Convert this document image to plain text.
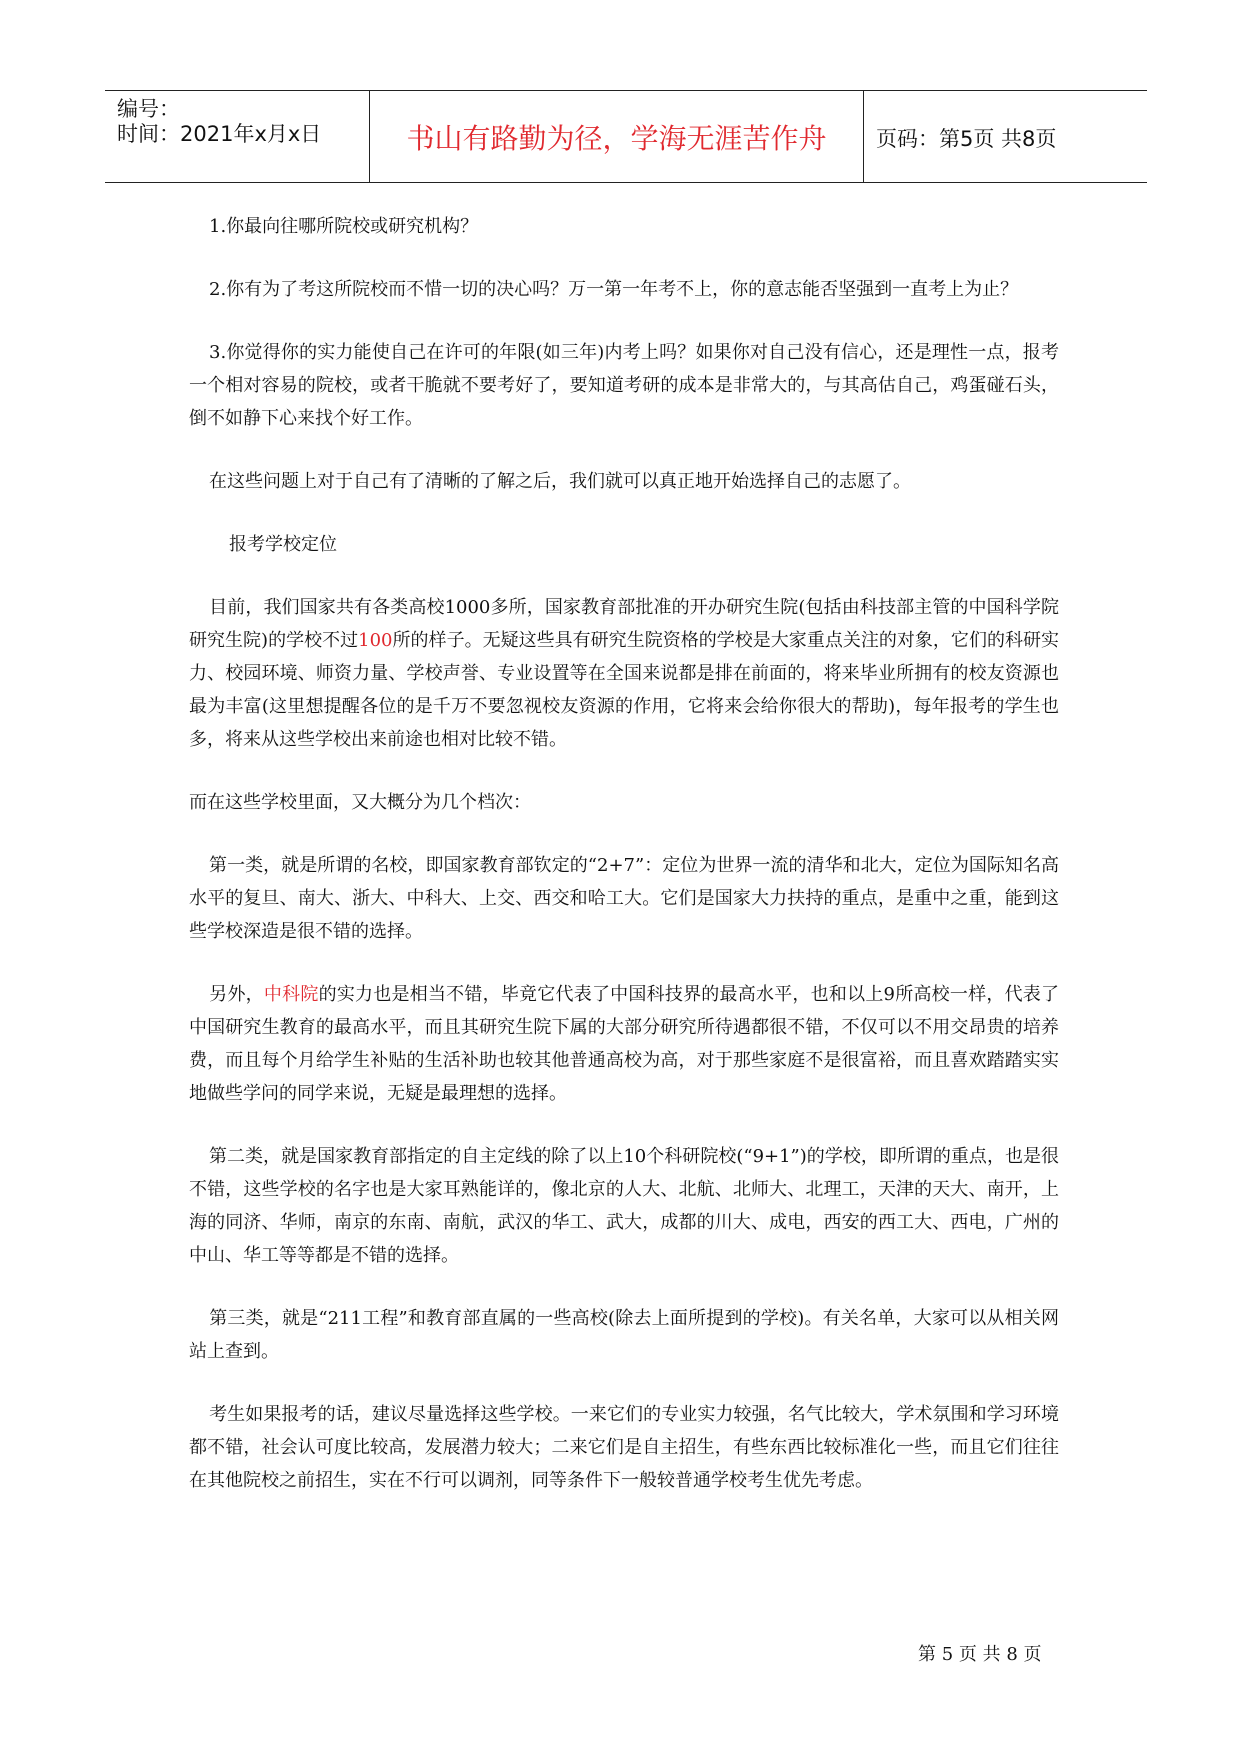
编号：
时间：2021年x月x日	书山有路勤为径，学海无涯苦作舟	页码：第5页 共8页

1.你最向往哪所院校或研究机构？

2.你有为了考这所院校而不惜一切的决心吗？万一第一年考不上，你的意志能否坚强到一直考上为止？

3.你觉得你的实力能使自己在许可的年限(如三年)内考上吗？如果你对自己没有信心，还是理性一点，报考一个相对容易的院校，或者干脆就不要考好了，要知道考研的成本是非常大的，与其高估自己，鸡蛋碰石头，倒不如静下心来找个好工作。

在这些问题上对于自己有了清晰的了解之后，我们就可以真正地开始选择自己的志愿了。

报考学校定位

目前，我们国家共有各类高校1000多所，国家教育部批准的开办研究生院(包括由科技部主管的中国科学院研究生院)的学校不过100所的样子。无疑这些具有研究生院资格的学校是大家重点关注的对象，它们的科研实力、校园环境、师资力量、学校声誉、专业设置等在全国来说都是排在前面的，将来毕业所拥有的校友资源也最为丰富(这里想提醒各位的是千万不要忽视校友资源的作用，它将来会给你很大的帮助)，每年报考的学生也多，将来从这些学校出来前途也相对比较不错。

而在这些学校里面，又大概分为几个档次：

第一类，就是所谓的名校，即国家教育部钦定的“2+7”：定位为世界一流的清华和北大，定位为国际知名高水平的复旦、南大、浙大、中科大、上交、西交和哈工大。它们是国家大力扶持的重点，是重中之重，能到这些学校深造是很不错的选择。

另外，中科院的实力也是相当不错，毕竟它代表了中国科技界的最高水平，也和以上9所高校一样，代表了中国研究生教育的最高水平，而且其研究生院下属的大部分研究所待遇都很不错，不仅可以不用交昂贵的培养费，而且每个月给学生补贴的生活补助也较其他普通高校为高，对于那些家庭不是很富裕，而且喜欢踏踏实实地做些学问的同学来说，无疑是最理想的选择。

第二类，就是国家教育部指定的自主定线的除了以上10个科研院校(“9+1”)的学校，即所谓的重点，也是很不错，这些学校的名字也是大家耳熟能详的，像北京的人大、北航、北师大、北理工，天津的天大、南开，上海的同济、华师，南京的东南、南航，武汉的华工、武大，成都的川大、成电，西安的西工大、西电，广州的中山、华工等等都是不错的选择。

第三类，就是“211工程”和教育部直属的一些高校(除去上面所提到的学校)。有关名单，大家可以从相关网站上查到。

考生如果报考的话，建议尽量选择这些学校。一来它们的专业实力较强，名气比较大，学术氛围和学习环境都不错，社会认可度比较高，发展潜力较大；二来它们是自主招生，有些东西比较标准化一些，而且它们往往在其他院校之前招生，实在不行可以调剂，同等条件下一般较普通学校考生优先考虑。

第 5 页 共 8 页
